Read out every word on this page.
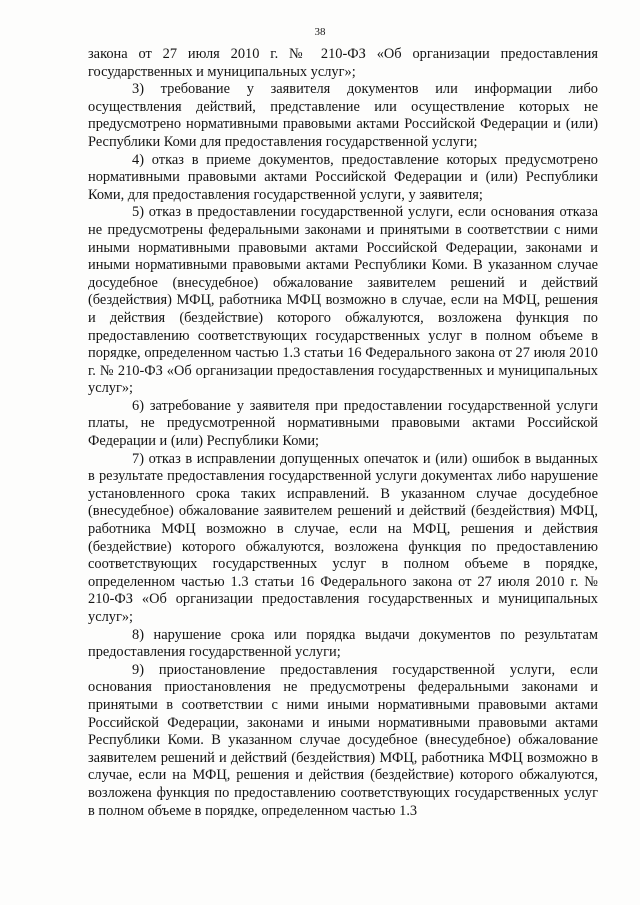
38

закона от 27 июля 2010 г. № 210-ФЗ «Об организации предоставления государственных и муниципальных услуг»;

3) требование у заявителя документов или информации либо осуществления действий, представление или осуществление которых не предусмотрено нормативными правовыми актами Российской Федерации и (или) Республики Коми для предоставления государственной услуги;

4) отказ в приеме документов, предоставление которых предусмотрено нормативными правовыми актами Российской Федерации и (или) Республики Коми, для предоставления государственной услуги, у заявителя;

5) отказ в предоставлении государственной услуги, если основания отказа не предусмотрены федеральными законами и принятыми в соответствии с ними иными нормативными правовыми актами Российской Федерации, законами и иными нормативными правовыми актами Республики Коми. В указанном случае досудебное (внесудебное) обжалование заявителем решений и действий (бездействия) МФЦ, работника МФЦ возможно в случае, если на МФЦ, решения и действия (бездействие) которого обжалуются, возложена функция по предоставлению соответствующих государственных услуг в полном объеме в порядке, определенном частью 1.3 статьи 16 Федерального закона от 27 июля 2010 г. № 210-ФЗ «Об организации предоставления государственных и муниципальных услуг»;

6) затребование у заявителя при предоставлении государственной услуги платы, не предусмотренной нормативными правовыми актами Российской Федерации и (или) Республики Коми;

7) отказ в исправлении допущенных опечаток и (или) ошибок в выданных в результате предоставления государственной услуги документах либо нарушение установленного срока таких исправлений. В указанном случае досудебное (внесудебное) обжалование заявителем решений и действий (бездействия) МФЦ, работника МФЦ возможно в случае, если на МФЦ, решения и действия (бездействие) которого обжалуются, возложена функция по предоставлению соответствующих государственных услуг в полном объеме в порядке, определенном частью 1.3 статьи 16 Федерального закона от 27 июля 2010 г. № 210-ФЗ «Об организации предоставления государственных и муниципальных услуг»;

8) нарушение срока или порядка выдачи документов по результатам предоставления государственной услуги;

9) приостановление предоставления государственной услуги, если основания приостановления не предусмотрены федеральными законами и принятыми в соответствии с ними иными нормативными правовыми актами Российской Федерации, законами и иными нормативными правовыми актами Республики Коми. В указанном случае досудебное (внесудебное) обжалование заявителем решений и действий (бездействия) МФЦ, работника МФЦ возможно в случае, если на МФЦ, решения и действия (бездействие) которого обжалуются, возложена функция по предоставлению соответствующих государственных услуг в полном объеме в порядке, определенном частью 1.3
